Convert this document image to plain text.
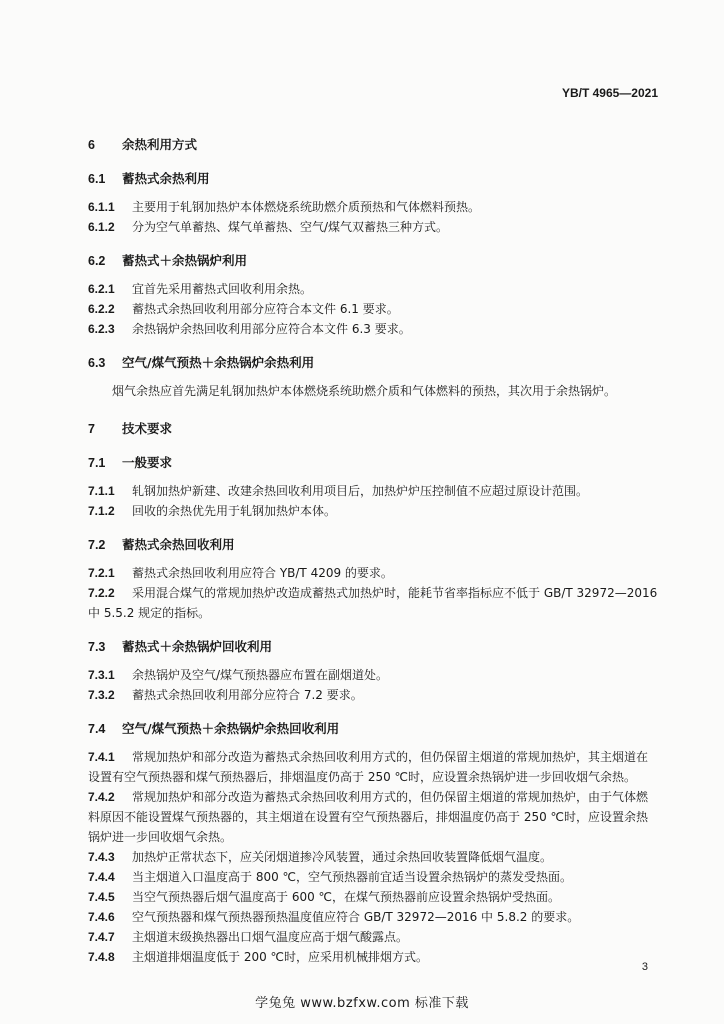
YB/T 4965—2021
6 余热利用方式
6.1 蓄热式余热利用
6.1.1 主要用于轧钢加热炉本体燃烧系统助燃介质预热和气体燃料预热。
6.1.2 分为空气单蓄热、煤气单蓄热、空气/煤气双蓄热三种方式。
6.2 蓄热式＋余热锅炉利用
6.2.1 宜首先采用蓄热式回收利用余热。
6.2.2 蓄热式余热回收利用部分应符合本文件 6.1 要求。
6.2.3 余热锅炉余热回收利用部分应符合本文件 6.3 要求。
6.3 空气/煤气预热＋余热锅炉余热利用
烟气余热应首先满足轧钢加热炉本体燃烧系统助燃介质和气体燃料的预热，其次用于余热锅炉。
7 技术要求
7.1 一般要求
7.1.1 轧钢加热炉新建、改建余热回收利用项目后，加热炉炉压控制值不应超过原设计范围。
7.1.2 回收的余热优先用于轧钢加热炉本体。
7.2 蓄热式余热回收利用
7.2.1 蓄热式余热回收利用应符合 YB/T 4209 的要求。
7.2.2 采用混合煤气的常规加热炉改造成蓄热式加热炉时，能耗节省率指标应不低于 GB/T 32972—2016 中 5.5.2 规定的指标。
7.3 蓄热式＋余热锅炉回收利用
7.3.1 余热锅炉及空气/煤气预热器应布置在副烟道处。
7.3.2 蓄热式余热回收利用部分应符合 7.2 要求。
7.4 空气/煤气预热＋余热锅炉余热回收利用
7.4.1 常规加热炉和部分改造为蓄热式余热回收利用方式的，但仍保留主烟道的常规加热炉，其主烟道在设置有空气预热器和煤气预热器后，排烟温度仍高于 250 ℃时，应设置余热锅炉进一步回收烟气余热。
7.4.2 常规加热炉和部分改造为蓄热式余热回收利用方式的，但仍保留主烟道的常规加热炉，由于气体燃料原因不能设置煤气预热器的，其主烟道在设置有空气预热器后，排烟温度仍高于 250 ℃时，应设置余热锅炉进一步回收烟气余热。
7.4.3 加热炉正常状态下，应关闭烟道掺冷风装置，通过余热回收装置降低烟气温度。
7.4.4 当主烟道入口温度高于 800 ℃，空气预热器前宜适当设置余热锅炉的蒸发受热面。
7.4.5 当空气预热器后烟气温度高于 600 ℃，在煤气预热器前应设置余热锅炉受热面。
7.4.6 空气预热器和煤气预热器预热温度值应符合 GB/T 32972—2016 中 5.8.2 的要求。
7.4.7 主烟道末级换热器出口烟气温度应高于烟气酸露点。
7.4.8 主烟道排烟温度低于 200 ℃时，应采用机械排烟方式。
3
学兔兔 www.bzfxw.com 标准下载
